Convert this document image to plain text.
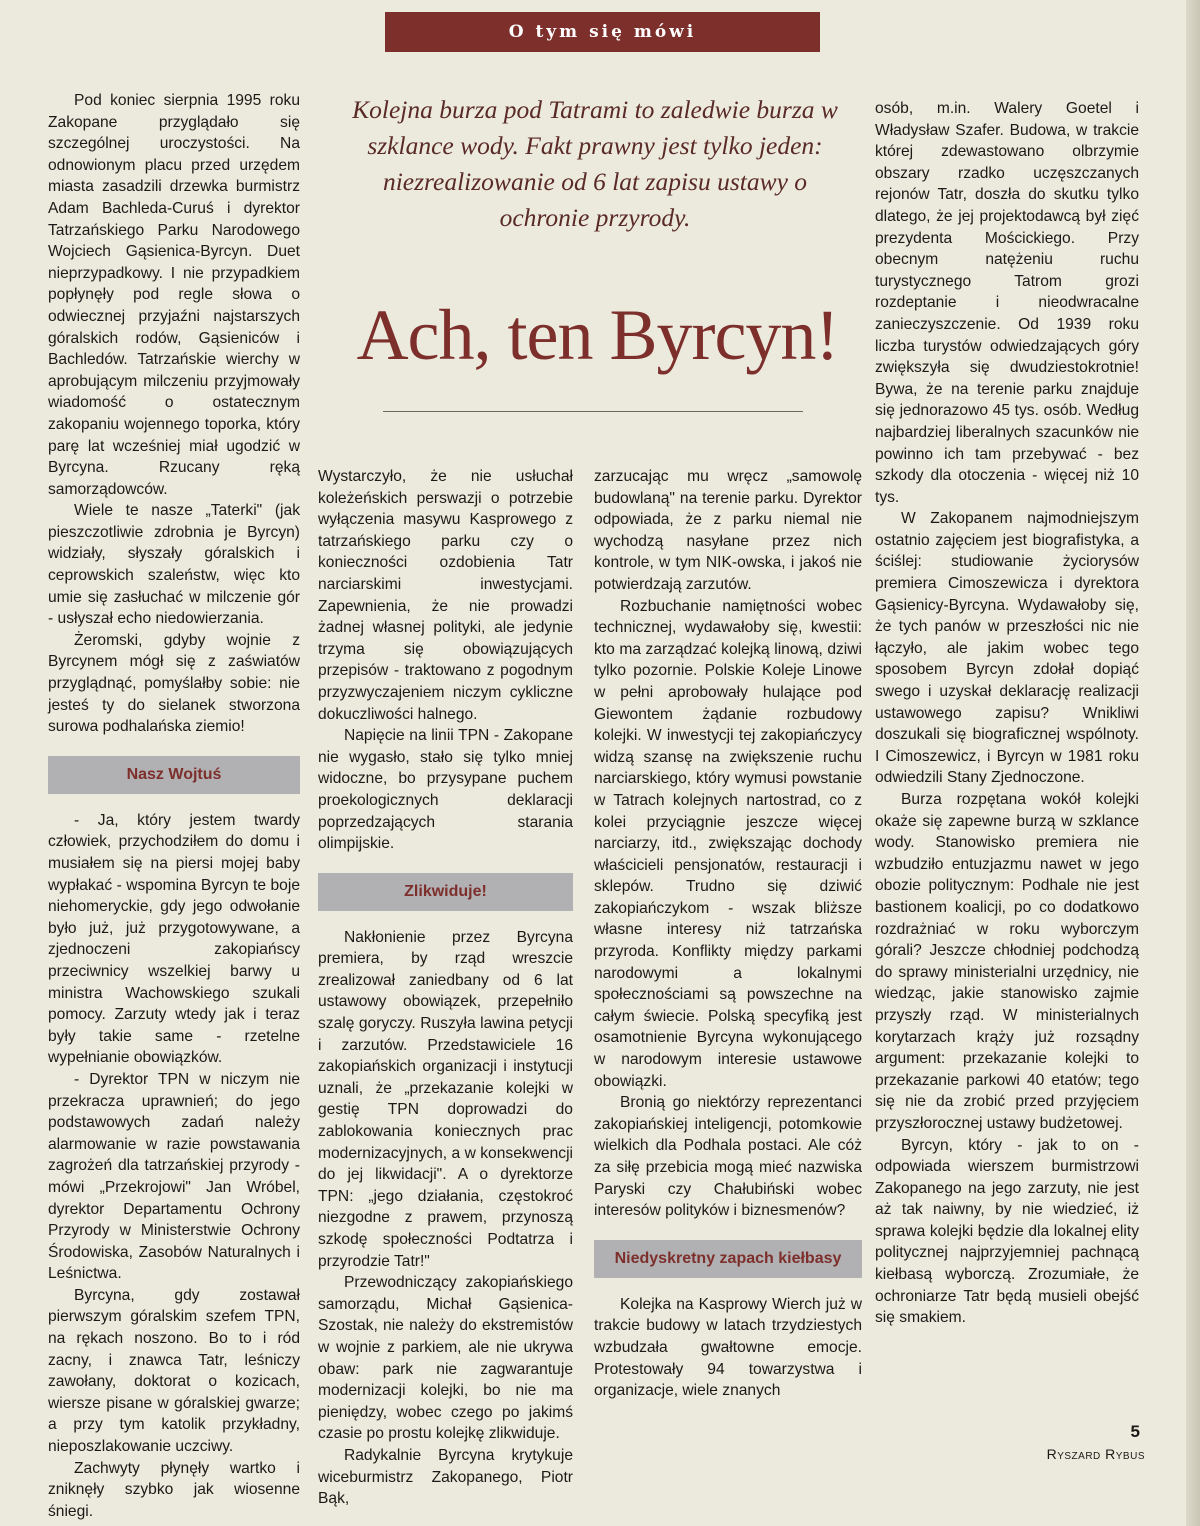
O tym się mówi
Kolejna burza pod Tatrami to zaledwie burza w szklance wody. Fakt prawny jest tylko jeden: niezrealizowanie od 6 lat zapisu ustawy o ochronie przyrody.
Ach, ten Byrcyn!

Pod koniec sierpnia 1995 roku Zakopane przyglądało się szczególnej uroczystości. Na odnowionym placu przed urzędem miasta zasadzili drzewka burmistrz Adam Bachleda-Curuś i dyrektor Tatrzańskiego Parku Narodowego Wojciech Gąsienica-Byrcyn. Duet nieprzypadkowy. I nie przypadkiem popłynęły pod regle słowa o odwiecznej przyjaźni najstarszych góralskich rodów, Gąsieniców i Bachledów. Tatrzańskie wierchy w aprobującym milczeniu przyjmowały wiadomość o ostatecznym zakopaniu wojennego toporka, który parę lat wcześniej miał ugodzić w Byrcyna. Rzucany ręką samorządowców.

Wiele te nasze „Taterki" (jak pieszczotliwie zdrobnia je Byrcyn) widziały, słyszały góralskich i ceprowskich szaleństw, więc kto umie się zasłuchać w milczenie gór - usłyszał echo niedowierzania.

Żeromski, gdyby wojnie z Byrcynem mógł się z zaświatów przyglądnąć, pomyślałby sobie: nie jesteś ty do sielanek stworzona surowa podhalańska ziemio!

Nasz Wojtuś

- Ja, który jestem twardy człowiek, przychodziłem do domu i musiałem się na piersi mojej baby wypłakać - wspomina Byrcyn te boje niehomeryckie, gdy jego odwołanie było już, już przygotowywane, a zjednoczeni zakopiańscy przeciwnicy wszelkiej barwy u ministra Wachowskiego szukali pomocy. Zarzuty wtedy jak i teraz były takie same - rzetelne wypełnianie obowiązków.

- Dyrektor TPN w niczym nie przekracza uprawnień; do jego podstawowych zadań należy alarmowanie w razie powstawania zagrożeń dla tatrzańskiej przyrody - mówi „Przekrojowi" Jan Wróbel, dyrektor Departamentu Ochrony Przyrody w Ministerstwie Ochrony Środowiska, Zasobów Naturalnych i Leśnictwa.

Byrcyna, gdy zostawał pierwszym góralskim szefem TPN, na rękach noszono. Bo to i ród zacny, i znawca Tatr, leśniczy zawołany, doktorat o kozicach, wiersze pisane w góralskiej gwarze; a przy tym katolik przykładny, nieposzlakowanie uczciwy.

Zachwyty płynęły wartko i zniknęły szybko jak wiosenne śniegi.

Wystarczyło, że nie usłuchał koleżeńskich perswazji o potrzebie wyłączenia masywu Kasprowego z tatrzańskiego parku czy o konieczności ozdobienia Tatr narciarskimi inwestycjami. Zapewnienia, że nie prowadzi żadnej własnej polityki, ale jedynie trzyma się obowiązujących przepisów - traktowano z pogodnym przyzwyczajeniem niczym cykliczne dokuczliwości halnego.

Napięcie na linii TPN - Zakopane nie wygasło, stało się tylko mniej widoczne, bo przysypane puchem proekologicznych deklaracji poprzedzających starania olimpijskie.

Zlikwiduje!

Nakłonienie przez Byrcyna premiera, by rząd wreszcie zrealizował zaniedbany od 6 lat ustawowy obowiązek, przepełniło szalę goryczy. Ruszyła lawina petycji i zarzutów. Przedstawiciele 16 zakopiańskich organizacji i instytucji uznali, że „przekazanie kolejki w gestię TPN doprowadzi do zablokowania koniecznych prac modernizacyjnych, a w konsekwencji do jej likwidacji". A o dyrektorze TPN: „jego działania, częstokroć niezgodne z prawem, przynoszą szkodę społeczności Podtatrza i przyrodzie Tatr!"

Przewodniczący zakopiańskiego samorządu, Michał Gąsienica-Szostak, nie należy do ekstremistów w wojnie z parkiem, ale nie ukrywa obaw: park nie zagwarantuje modernizacji kolejki, bo nie ma pieniędzy, wobec czego po jakimś czasie po prostu kolejkę zlikwiduje.

Radykalnie Byrcyna krytykuje wiceburmistrz Zakopanego, Piotr Bąk,

zarzucając mu wręcz „samowolę budowlaną" na terenie parku. Dyrektor odpowiada, że z parku niemal nie wychodzą nasyłane przez nich kontrole, w tym NIK-owska, i jakoś nie potwierdzają zarzutów.

Rozbuchanie namiętności wobec technicznej, wydawałoby się, kwestii: kto ma zarządzać kolejką linową, dziwi tylko pozornie. Polskie Koleje Linowe w pełni aprobowały hulające pod Giewontem żądanie rozbudowy kolejki. W inwestycji tej zakopiańczycy widzą szansę na zwiększenie ruchu narciarskiego, który wymusi powstanie w Tatrach kolejnych nartostrad, co z kolei przyciągnie jeszcze więcej narciarzy, itd., zwiększając dochody właścicieli pensjonatów, restauracji i sklepów. Trudno się dziwić zakopiańczykom - wszak bliższe własne interesy niż tatrzańska przyroda. Konflikty między parkami narodowymi a lokalnymi społecznościami są powszechne na całym świecie. Polską specyfiką jest osamotnienie Byrcyna wykonującego w narodowym interesie ustawowe obowiązki.

Bronią go niektórzy reprezentanci zakopiańskiej inteligencji, potomkowie wielkich dla Podhala postaci. Ale cóż za siłę przebicia mogą mieć nazwiska Paryski czy Chałubiński wobec interesów polityków i biznesmenów?

Niedyskretny zapach kiełbasy

Kolejka na Kasprowy Wierch już w trakcie budowy w latach trzydziestych wzbudzała gwałtowne emocje. Protestowały 94 towarzystwa i organizacje, wiele znanych

osób, m.in. Walery Goetel i Władysław Szafer. Budowa, w trakcie której zdewastowano olbrzymie obszary rzadko uczęszczanych rejonów Tatr, doszła do skutku tylko dlatego, że jej projektodawcą był zięć prezydenta Mościckiego. Przy obecnym natężeniu ruchu turystycznego Tatrom grozi rozdeptanie i nieodwracalne zanieczyszczenie. Od 1939 roku liczba turystów odwiedzających góry zwiększyła się dwudziestokrotnie! Bywa, że na terenie parku znajduje się jednorazowo 45 tys. osób. Według najbardziej liberalnych szacunków nie powinno ich tam przebywać - bez szkody dla otoczenia - więcej niż 10 tys.

W Zakopanem najmodniejszym ostatnio zajęciem jest biografistyka, a ściślej: studiowanie życiorysów premiera Cimoszewicza i dyrektora Gąsienicy-Byrcyna. Wydawałoby się, że tych panów w przeszłości nic nie łączyło, ale jakim wobec tego sposobem Byrcyn zdołał dopiąć swego i uzyskał deklarację realizacji ustawowego zapisu? Wnikliwi doszukali się biograficznej wspólnoty. I Cimoszewicz, i Byrcyn w 1981 roku odwiedzili Stany Zjednoczone.

Burza rozpętana wokół kolejki okaże się zapewne burzą w szklance wody. Stanowisko premiera nie wzbudziło entuzjazmu nawet w jego obozie politycznym: Podhale nie jest bastionem koalicji, po co dodatkowo rozdrażniać w roku wyborczym górali? Jeszcze chłodniej podchodzą do sprawy ministerialni urzędnicy, nie wiedząc, jakie stanowisko zajmie przyszły rząd. W ministerialnych korytarzach krąży już rozsądny argument: przekazanie kolejki to przekazanie parkowi 40 etatów; tego się nie da zrobić przed przyjęciem przyszłorocznej ustawy budżetowej.

Byrcyn, który - jak to on - odpowiada wierszem burmistrzowi Zakopanego na jego zarzuty, nie jest aż tak naiwny, by nie wiedzieć, iż sprawa kolejki będzie dla lokalnej elity politycznej najprzyjemniej pachnącą kiełbasą wyborczą. Zrozumiałe, że ochroniarze Tatr będą musieli obejść się smakiem.

Ryszard Rybus
5
